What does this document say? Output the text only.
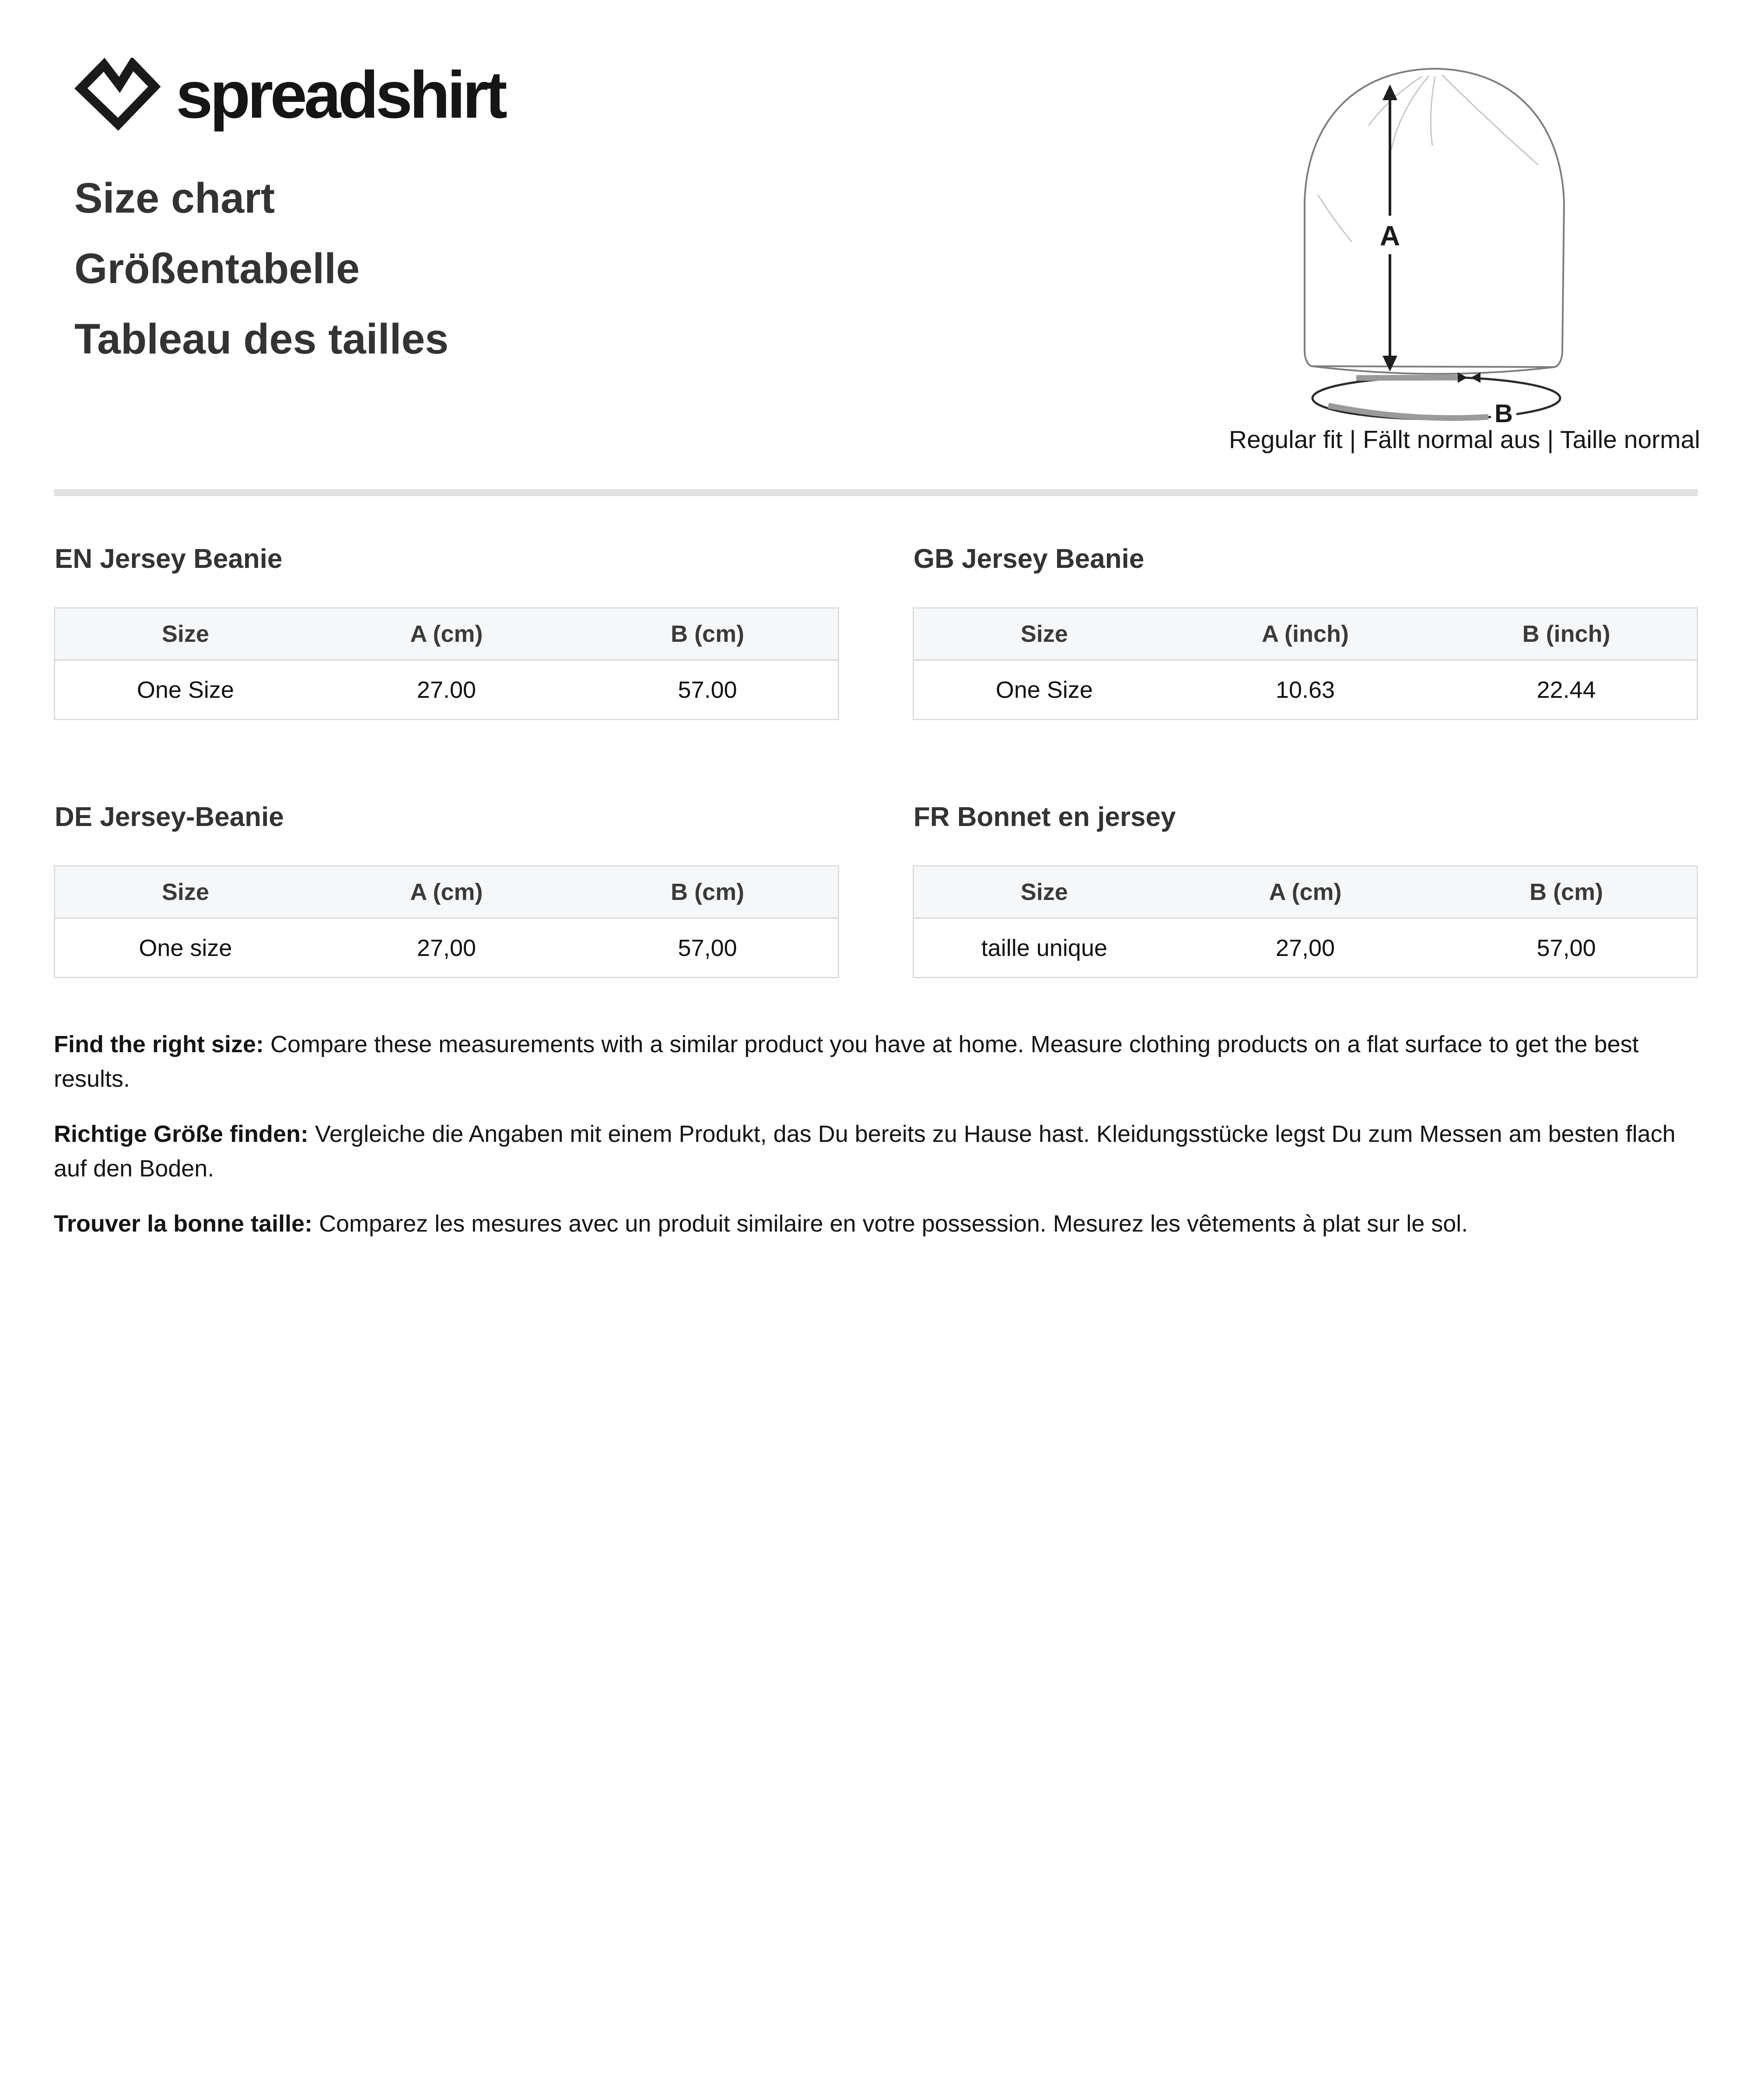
spreadshirt
Size chart
Größentabelle
Tableau des tailles
A
B
Regular fit | Fällt normal aus | Taille normal
EN Jersey Beanie
Size	A (cm)	B (cm)
One Size	27.00	57.00
GB Jersey Beanie
Size	A (inch)	B (inch)
One Size	10.63	22.44
DE Jersey-Beanie
Size	A (cm)	B (cm)
One size	27,00	57,00
FR Bonnet en jersey
Size	A (cm)	B (cm)
taille unique	27,00	57,00

Find the right size: Compare these measurements with a similar product you have at home. Measure clothing products on a flat surface to get the best results.

Richtige Größe finden: Vergleiche die Angaben mit einem Produkt, das Du bereits zu Hause hast. Kleidungsstücke legst Du zum Messen am besten flach auf den Boden.

Trouver la bonne taille: Comparez les mesures avec un produit similaire en votre possession. Mesurez les vêtements à plat sur le sol.
